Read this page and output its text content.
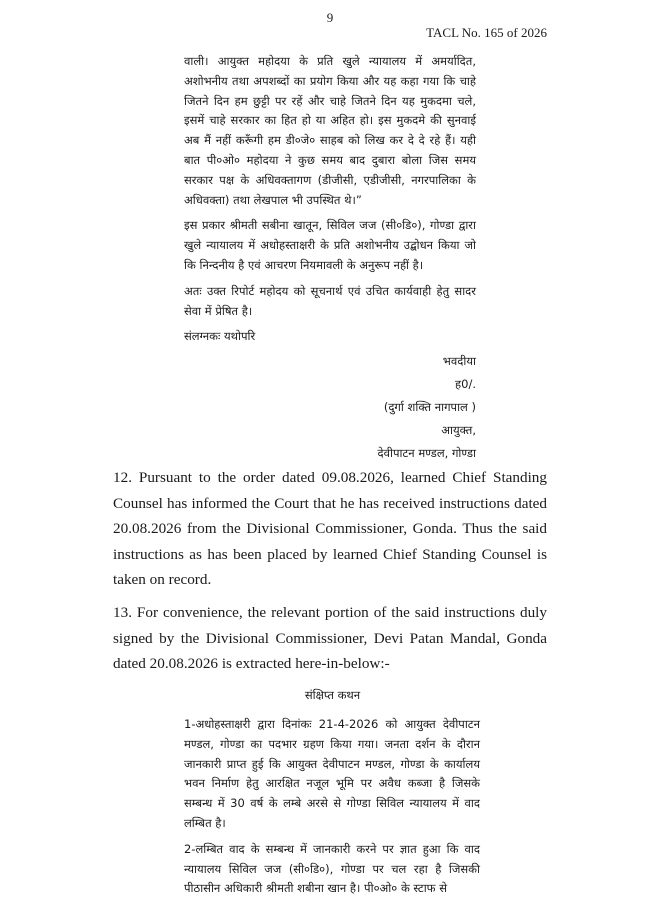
9
TACL No. 165 of 2026

वाली। आयुक्त महोदया के प्रति खुले न्यायालय में अमर्यादित, अशोभनीय तथा अपशब्दों का प्रयोग किया और यह कहा गया कि चाहे जितने दिन हम छुट्टी पर रहें और चाहे जितने दिन यह मुकदमा चले, इसमें चाहे सरकार का हित हो या अहित हो। इस मुकदमे की सुनवाई अब मैं नहीं करूँगी हम डी०जे० साहब को लिख कर दे दे रहे हैं। यही बात पी०ओ० महोदया ने कुछ समय बाद दुबारा बोला जिस समय सरकार पक्ष के अधिवक्तागण (डीजीसी, एडीजीसी, नगरपालिका के अधिवक्ता) तथा लेखपाल भी उपस्थित थे।”

इस प्रकार श्रीमती सबीना खातून, सिविल जज (सी०डि०), गोण्डा द्वारा खुले न्यायालय में अधोहस्ताक्षरी के प्रति अशोभनीय उद्बोधन किया जो कि निन्दनीय है एवं आचरण नियमावली के अनुरूप नहीं है।

अतः उक्त रिपोर्ट महोदय को सूचनार्थ एवं उचित कार्यवाही हेतु सादर सेवा में प्रेषित है।

संलग्नकः यथोपरि

भवदीया

ह0/.

(दुर्गा शक्ति नागपाल )

आयुक्त,

देवीपाटन मण्डल, गोण्डा

12. Pursuant to the order dated 09.08.2026, learned Chief Standing Counsel has informed the Court that he has received instructions dated 20.08.2026 from the Divisional Commissioner, Gonda. Thus the said instructions as has been placed by learned Chief Standing Counsel is taken on record.

13. For convenience, the relevant portion of the said instructions duly signed by the Divisional Commissioner, Devi Patan Mandal, Gonda dated 20.08.2026 is extracted here-in-below:-

संक्षिप्त कथन

1-अधोहस्ताक्षरी द्वारा दिनांकः 21-4-2026 को आयुक्त देवीपाटन मण्डल, गोण्डा का पदभार ग्रहण किया गया। जनता दर्शन के दौरान जानकारी प्राप्त हुई कि आयुक्त देवीपाटन मण्डल, गोण्डा के कार्यालय भवन निर्माण हेतु आरक्षित नजूल भूमि पर अवैध कब्जा है जिसके सम्बन्ध में 30 वर्ष के लम्बे अरसे से गोण्डा सिविल न्यायालय में वाद लम्बित है।

2-लम्बित वाद के सम्बन्ध में जानकारी करने पर ज्ञात हुआ कि वाद न्यायालय सिविल जज (सी०डि०), गोण्डा पर चल रहा है जिसकी पीठासीन अधिकारी श्रीमती शबीना खान है। पी०ओ० के स्टाफ से
